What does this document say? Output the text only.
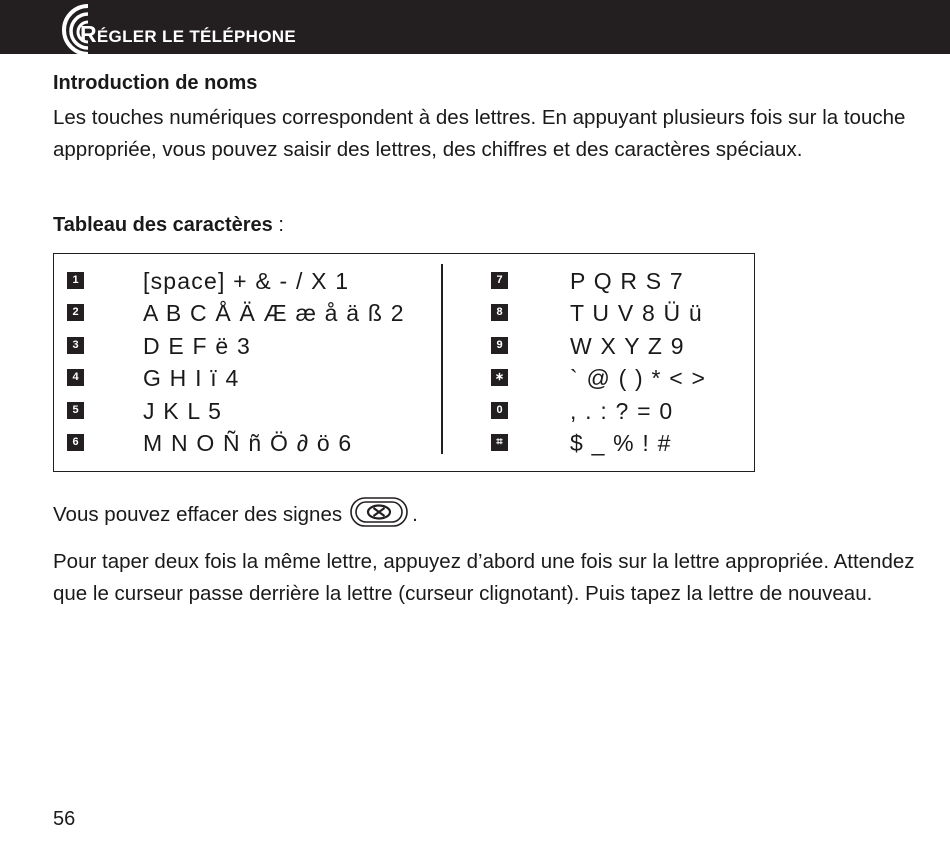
RÉGLER LE TÉLÉPHONE
Introduction de noms
Les touches numériques correspondent à des lettres. En appuyant plusieurs fois sur la touche appropriée, vous pouvez saisir des lettres, des chiffres et des caractères spéciaux.
Tableau des caractères :
1	[space] + & - / X 1
2	A B C Å Ä Æ æ å ä ß 2
3	D E F ë 3
4	G H I ï 4
5	J K L 5
6	M N O Ñ ñ Ö ∂ ö 6
7	P Q R S 7
8	T U V 8 Ü ü
9	W X Y Z 9
∗	` @ ( ) * < >
0	, . : ? = 0
⌗	$ _ % ! #
Vous pouvez effacer des signes	.
Pour taper deux fois la même lettre, appuyez d’abord une fois sur la lettre appropriée. Attendez que le curseur passe derrière la lettre (curseur clignotant). Puis tapez la lettre de nouveau.
56
